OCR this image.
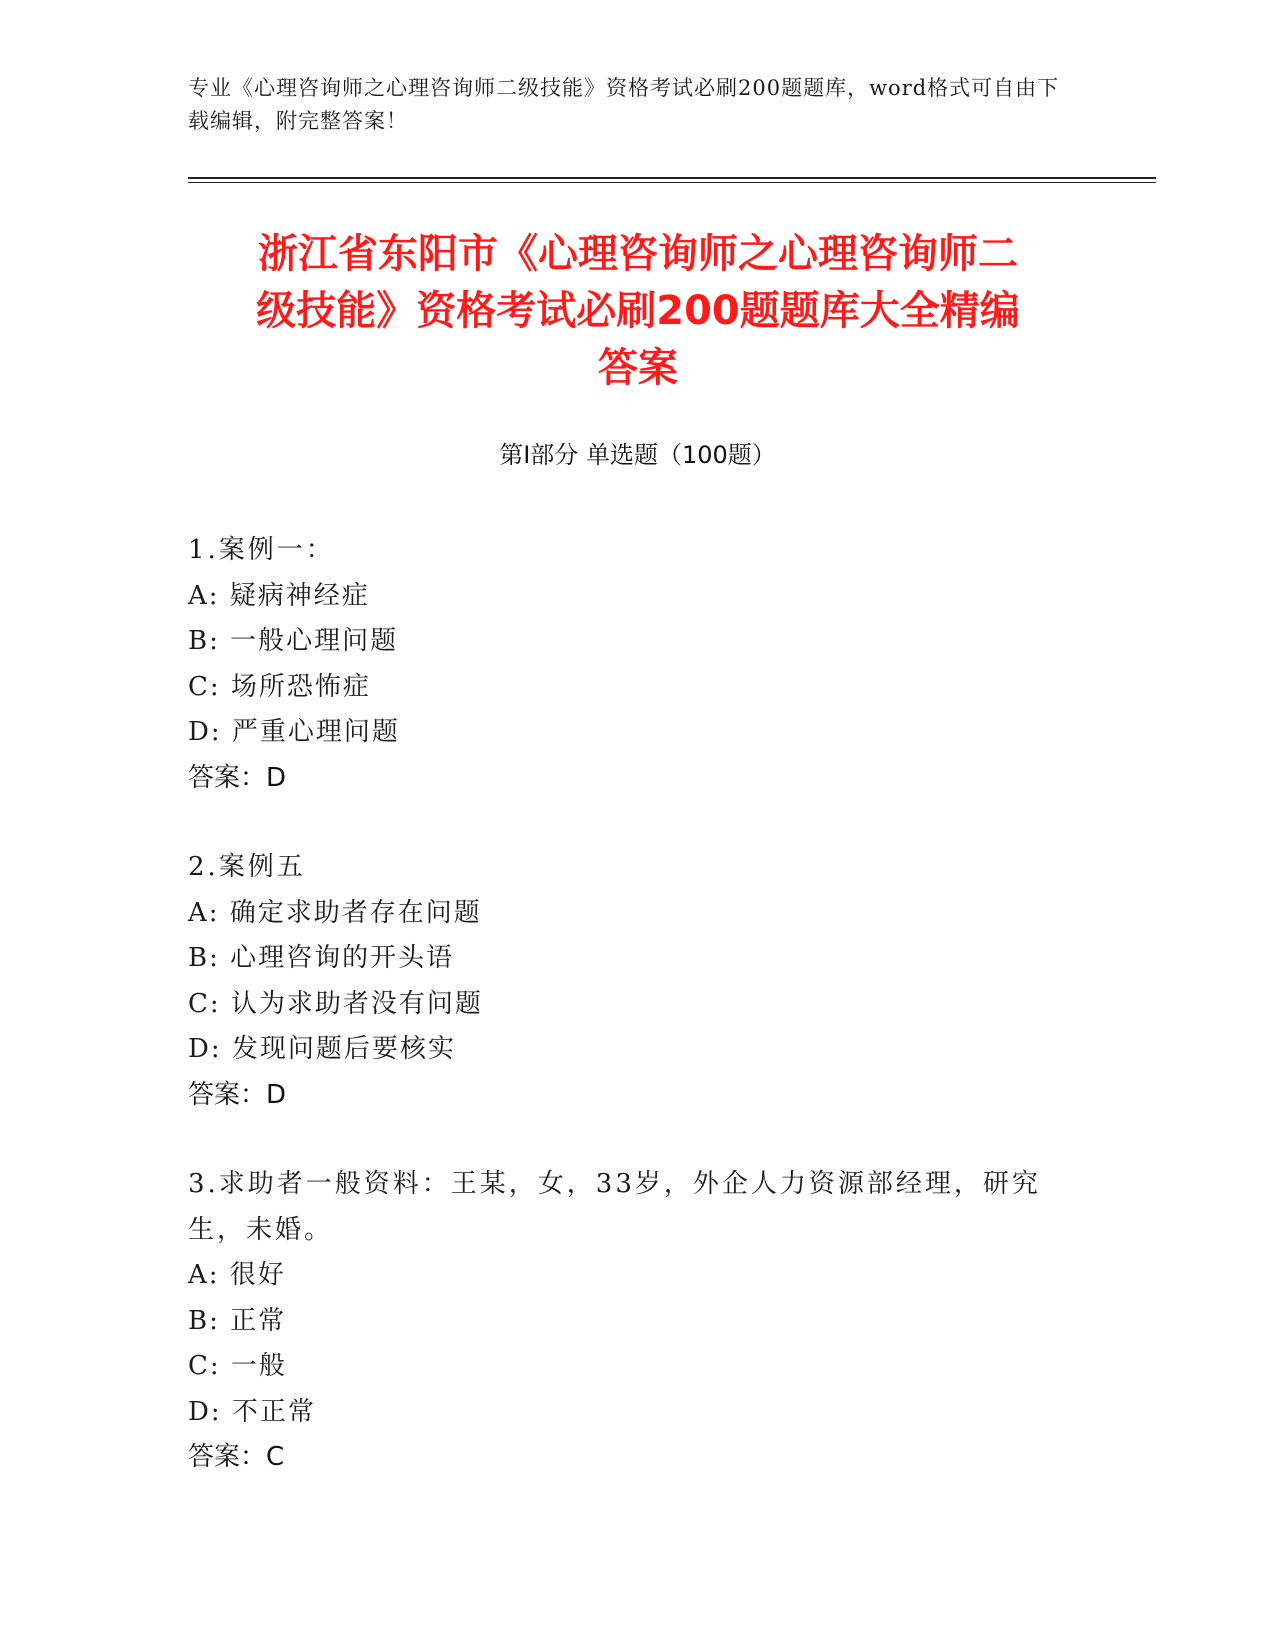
专业《心理咨询师之心理咨询师二级技能》资格考试必刷200题题库，word格式可自由下载编辑，附完整答案！
浙江省东阳市《心理咨询师之心理咨询师二
级技能》资格考试必刷200题题库大全精编
答案
第I部分 单选题（100题）
1.案例一：
A: 疑病神经症
B: 一般心理问题
C: 场所恐怖症
D: 严重心理问题
答案：D
2.案例五
A: 确定求助者存在问题
B: 心理咨询的开头语
C: 认为求助者没有问题
D: 发现问题后要核实
答案：D
3.求助者一般资料：王某，女，33岁，外企人力资源部经理，研究生，未婚。
A: 很好
B: 正常
C: 一般
D: 不正常
答案：C
